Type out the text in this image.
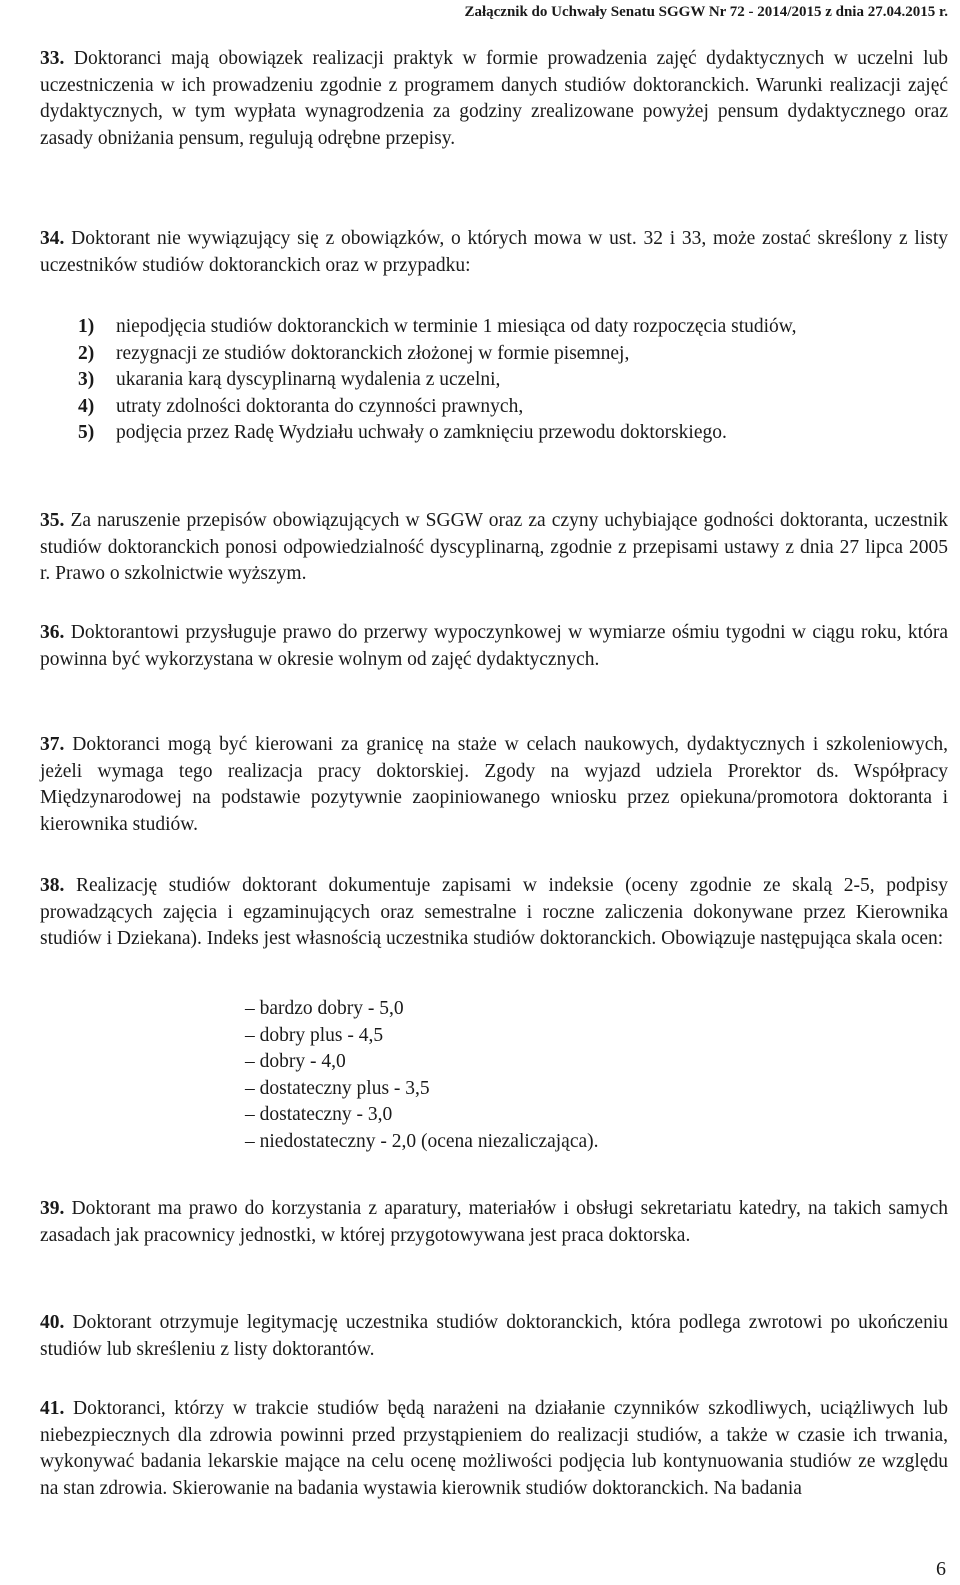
Załącznik do Uchwały Senatu SGGW Nr 72 - 2014/2015 z dnia 27.04.2015 r.
33. Doktoranci mają obowiązek realizacji praktyk w formie prowadzenia zajęć dydaktycznych w uczelni lub uczestniczenia w ich prowadzeniu zgodnie z programem danych studiów doktoranckich. Warunki realizacji zajęć dydaktycznych, w tym wypłata wynagrodzenia za godziny zrealizowane powyżej pensum dydaktycznego oraz zasady obniżania pensum, regulują odrębne przepisy.
34. Doktorant nie wywiązujący się z obowiązków, o których mowa w ust. 32 i 33, może zostać skreślony z listy uczestników studiów doktoranckich oraz w przypadku:
1) niepodjęcia studiów doktoranckich w terminie 1 miesiąca od daty rozpoczęcia studiów,
2) rezygnacji ze studiów doktoranckich złożonej w formie pisemnej,
3) ukarania karą dyscyplinarną wydalenia z uczelni,
4) utraty zdolności doktoranta do czynności prawnych,
5) podjęcia przez Radę Wydziału uchwały o zamknięciu przewodu doktorskiego.
35. Za naruszenie przepisów obowiązujących w SGGW oraz za czyny uchybiające godności doktoranta, uczestnik studiów doktoranckich ponosi odpowiedzialność dyscyplinarną, zgodnie z przepisami ustawy z dnia 27 lipca 2005 r. Prawo o szkolnictwie wyższym.
36. Doktorantowi przysługuje prawo do przerwy wypoczynkowej w wymiarze ośmiu tygodni w ciągu roku, która powinna być wykorzystana w okresie wolnym od zajęć dydaktycznych.
37. Doktoranci mogą być kierowani za granicę na staże w celach naukowych, dydaktycznych i szkoleniowych, jeżeli wymaga tego realizacja pracy doktorskiej. Zgody na wyjazd udziela Prorektor ds. Współpracy Międzynarodowej na podstawie pozytywnie zaopiniowanego wniosku przez opiekuna/promotora doktoranta i kierownika studiów.
38. Realizację studiów doktorant dokumentuje zapisami w indeksie (oceny zgodnie ze skalą 2-5, podpisy prowadzących zajęcia i egzaminujących oraz semestralne i roczne zaliczenia dokonywane przez Kierownika studiów i Dziekana). Indeks jest własnością uczestnika studiów doktoranckich. Obowiązuje następująca skala ocen:
– bardzo dobry - 5,0
– dobry plus - 4,5
– dobry - 4,0
– dostateczny plus - 3,5
– dostateczny - 3,0
– niedostateczny - 2,0 (ocena niezaliczająca).
39. Doktorant ma prawo do korzystania z aparatury, materiałów i obsługi sekretariatu katedry, na takich samych zasadach jak pracownicy jednostki, w której przygotowywana jest praca doktorska.
40. Doktorant otrzymuje legitymację uczestnika studiów doktoranckich, która podlega zwrotowi po ukończeniu studiów lub skreśleniu z listy doktorantów.
41. Doktoranci, którzy w trakcie studiów będą narażeni na działanie czynników szkodliwych, uciążliwych lub niebezpiecznych dla zdrowia powinni przed przystąpieniem do realizacji studiów, a także w czasie ich trwania, wykonywać badania lekarskie mające na celu ocenę możliwości podjęcia lub kontynuowania studiów ze względu na stan zdrowia. Skierowanie na badania wystawia kierownik studiów doktoranckich. Na badania
6
